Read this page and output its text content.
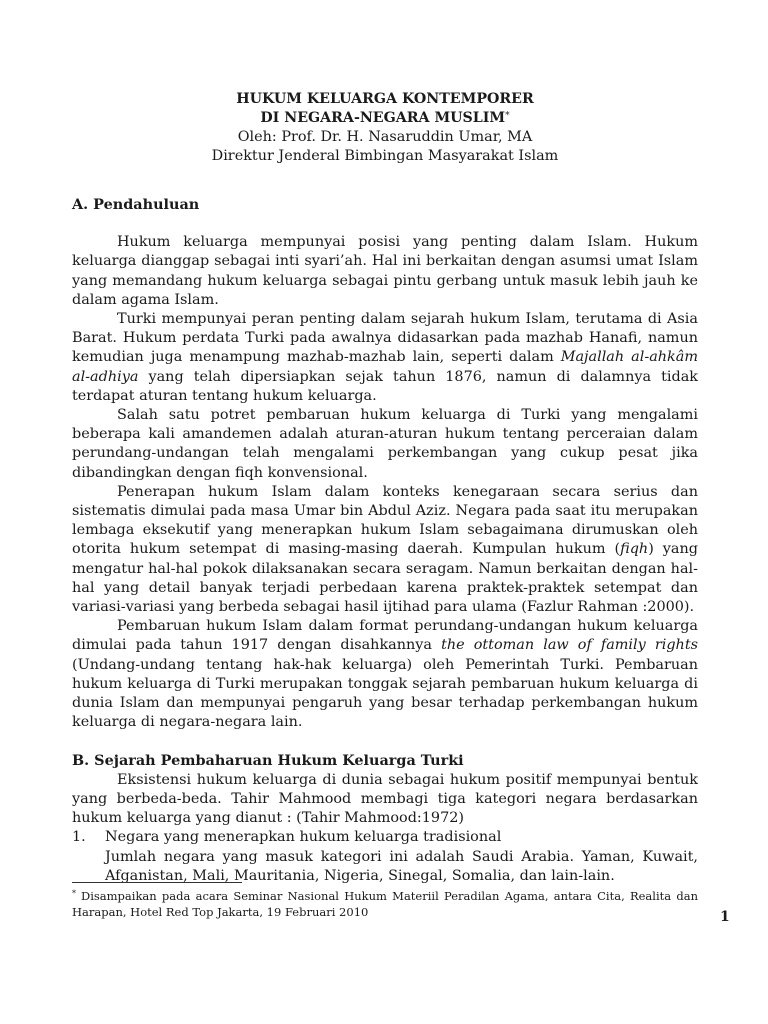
HUKUM KELUARGA KONTEMPORER
DI NEGARA-NEGARA MUSLIM*
Oleh: Prof. Dr. H. Nasaruddin Umar, MA
Direktur Jenderal Bimbingan Masyarakat Islam
A. Pendahuluan

Hukum keluarga mempunyai posisi yang penting dalam Islam. Hukum keluarga dianggap sebagai inti syari’ah. Hal ini berkaitan dengan asumsi umat Islam yang memandang hukum keluarga sebagai pintu gerbang untuk masuk lebih jauh ke dalam agama Islam.

Turki mempunyai peran penting dalam sejarah hukum Islam, terutama di Asia Barat. Hukum perdata Turki pada awalnya didasarkan pada mazhab Hanafi, namun kemudian juga menampung mazhab-mazhab lain, seperti dalam Majallah al-ahkâm al-adhiya yang telah dipersiapkan sejak tahun 1876, namun di dalamnya tidak terdapat aturan tentang hukum keluarga.

Salah satu potret pembaruan hukum keluarga di Turki yang mengalami beberapa kali amandemen adalah aturan-aturan hukum tentang perceraian dalam perundang-undangan telah mengalami perkembangan yang cukup pesat jika dibandingkan dengan fiqh konvensional.

Penerapan hukum Islam dalam konteks kenegaraan secara serius dan sistematis dimulai pada masa Umar bin Abdul Aziz. Negara pada saat itu merupakan lembaga eksekutif yang menerapkan hukum Islam sebagaimana dirumuskan oleh otorita hukum setempat di masing-masing daerah. Kumpulan hukum (fiqh) yang mengatur hal-hal pokok dilaksanakan secara seragam. Namun berkaitan dengan hal-hal yang detail banyak terjadi perbedaan karena praktek-praktek setempat dan variasi-variasi yang berbeda sebagai hasil ijtihad para ulama (Fazlur Rahman :2000).

Pembaruan hukum Islam dalam format perundang-undangan hukum keluarga dimulai pada tahun 1917 dengan disahkannya the ottoman law of family rights (Undang-undang tentang hak-hak keluarga) oleh Pemerintah Turki. Pembaruan hukum keluarga di Turki merupakan tonggak sejarah pembaruan hukum keluarga di dunia Islam dan mempunyai pengaruh yang besar terhadap perkembangan hukum keluarga di negara-negara lain.

B. Sejarah Pembaharuan Hukum Keluarga Turki

Eksistensi hukum keluarga di dunia sebagai hukum positif mempunyai bentuk yang berbeda-beda. Tahir Mahmood membagi tiga kategori negara berdasarkan hukum keluarga yang dianut : (Tahir Mahmood:1972)

1.	Negara yang menerapkan hukum keluarga tradisional

Jumlah negara yang masuk kategori ini adalah Saudi Arabia. Yaman, Kuwait, Afganistan, Mali, Mauritania, Nigeria, Sinegal, Somalia, dan lain-lain.

* Disampaikan pada acara Seminar Nasional Hukum Materiil Peradilan Agama, antara Cita, Realita dan Harapan, Hotel Red Top Jakarta, 19 Februari 2010	1
